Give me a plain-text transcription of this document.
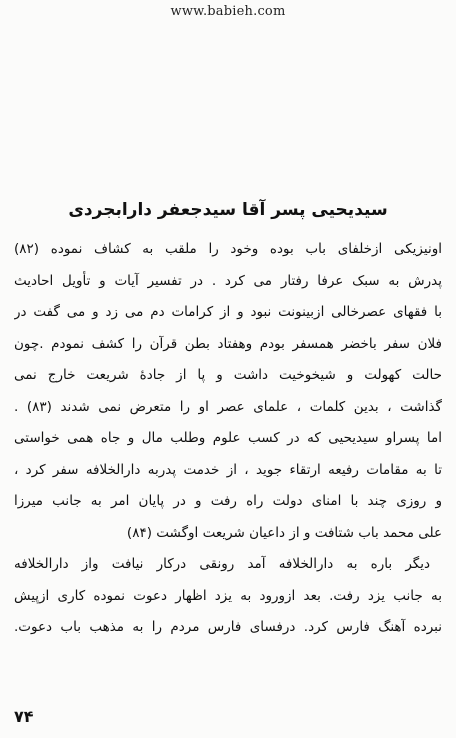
www.babieh.com
سیدیحیی پسر آقا سیدجعفر دارابجردی
اونیزیکی ازخلفای باب بوده وخود را ملقب به کشاف نموده (۸۲)
پدرش به سبک عرفا رفتار می کرد . در تفسیر آیات و تأویل احادیث
با فقهای عصرخالی ازبینونت نبود و از کرامات دم می زد و می گفت در
فلان سفر باخضر همسفر بودم وهفتاد بطن قرآن را کشف نمودم .چون
حالت کهولت و شیخوخیت داشت و پا از جادۀ شریعت خارج نمی
گذاشت ، بدین کلمات ، علمای عصر او را متعرض نمی شدند (۸۳) .
اما پسراو سیدیحیی که در کسب علوم وطلب مال و جاه همی خواستی
تا به مقامات رفیعه ارتقاء جوید ، از خدمت پدربه دارالخلافه سفر کرد ،
و روزی چند با امنای دولت راه رفت و در پایان امر به جانب میرزا
علی محمد باب شتافت و از داعیان شریعت اوگشت (۸۴)
دیگر باره به دارالخلافه آمد رونقی درکار نیافت واز دارالخلافه
به جانب یزد رفت. بعد ازورود به یزد اظهار دعوت نموده کاری ازپیش
نبرده آهنگ فارس کرد. درفسای فارس مردم را به مذهب باب دعوت.
۷۴
